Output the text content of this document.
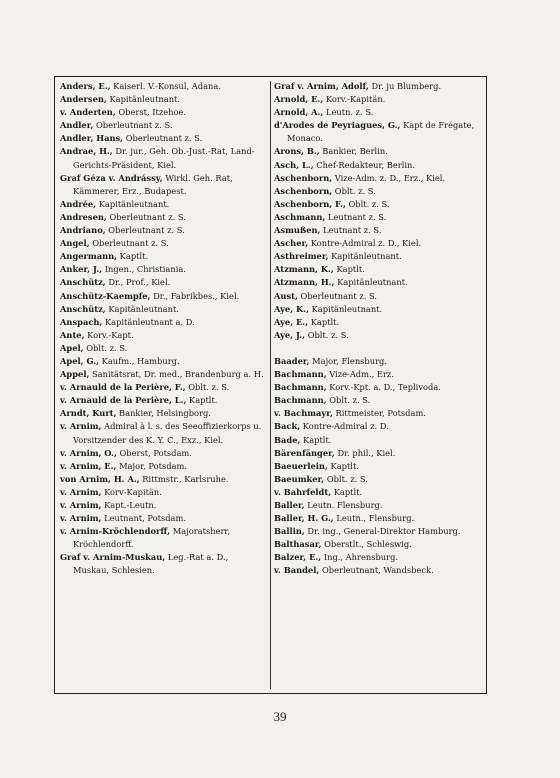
Anders, E., Kaiserl. V.-Konsul, Adana.
Andersen, Kapitänleutnant.
v. Anderten, Oberst, Itzehoe.
Andler, Oberleutnant z. S.
Andler, Hans, Oberleutnant z. S.
Andrae, H., Dr. jur., Geh. Ob.-Just.-Rat, Land-Gerichts-Präsident, Kiel.
Graf Géza v. Andrássy, Wirkl. Geh. Rat, Kämmerer, Erz., Budapest.
Andrée, Kapitänleutnant.
Andresen, Oberleutnant z. S.
Andriano, Oberleutnant z. S.
Angel, Oberleutnant z. S.
Angermann, Kaptlt.
Anker, J., Ingen., Christiania.
Anschütz, Dr., Prof., Kiel.
Anschütz-Kaempfe, Dr., Fabrikbes., Kiel.
Anschütz, Kapitänleutnant.
Anspach, Kapitänleutnant a. D.
Ante, Korv.-Kapt.
Apel, Oblt. z. S.
Apel, G., Kaufm., Hamburg.
Appel, Sanitätsrat, Dr. med., Brandenburg a. H.
v. Arnauld de la Perière, F., Oblt. z. S.
v. Arnauld de la Perière, L., Kaptlt.
Arndt, Kurt, Bankier, Helsingborg.
v. Arnim, Admiral à l. s. des Seeoffizierkorps u. Vorsitzender des K. Y. C., Exz., Kiel.
v. Arnim, O., Oberst, Potsdam.
v. Arnim, E., Major, Potsdam.
von Arnim, H. A., Rittmstr., Karlsruhe.
v. Arnim, Korv-Kapitän.
v. Arnim, Kapt.-Leutn.
v. Arnim, Leutnant, Potsdam.
v. Arnim-Kröchlendorff, Majoratsherr, Kröchlendorff.
Graf v. Arnim-Muskau, Leg.-Rat a. D., Muskau, Schlesien.
Graf v. Arnim, Adolf, Dr. ju Blumberg.
Arnold, E., Korv.-Kapitän.
Arnold, A., Leutn. z. S.
d'Arodes de Peyriagues, G., Kapt de Frégate, Monaco.
Arons, B., Bankier, Berlin.
Asch, L., Chef-Redakteur, Berlin.
Aschenborn, Vize-Adm. z. D., Erz., Kiel.
Aschenborn, Oblt. z. S.
Aschenborn, F., Oblt. z. S.
Aschmann, Leutnant z. S.
Asmußen, Leutnant z. S.
Ascher, Kontre-Admiral z. D., Kiel.
Asthreimer, Kapitänleutnant.
Atzmann, K., Kaptlt.
Atzmann, H., Kapitänleutnant.
Aust, Oberleutnant z. S.
Aye, K., Kapitänleutnant.
Aye, E., Kaptlt.
Aye, J., Oblt. z. S.
Baader, Major, Flensburg.
Bachmann, Vize-Adm., Erz.
Bachmann, Korv.-Kpt. a. D., Teplivoda.
Bachmann, Oblt. z. S.
v. Bachmayr, Rittmeister, Potsdam.
Back, Kontre-Admiral z. D.
Bade, Kaptlt.
Bärenfänger, Dr. phil., Kiel.
Baeuerlein, Kaptlt.
Baeumker, Oblt. z. S.
v. Bahrfeldt, Kaptlt.
Baller, Leutn. Flensburg.
Baller, H. G., Leutn., Flensburg.
Ballin, Dr. ing., General-Direktor Hamburg.
Balthasar, Oberstlt., Schleswig.
Balzer, E., Ing., Ahrensburg.
v. Bandel, Oberleutnant, Wandsbeck.
39
